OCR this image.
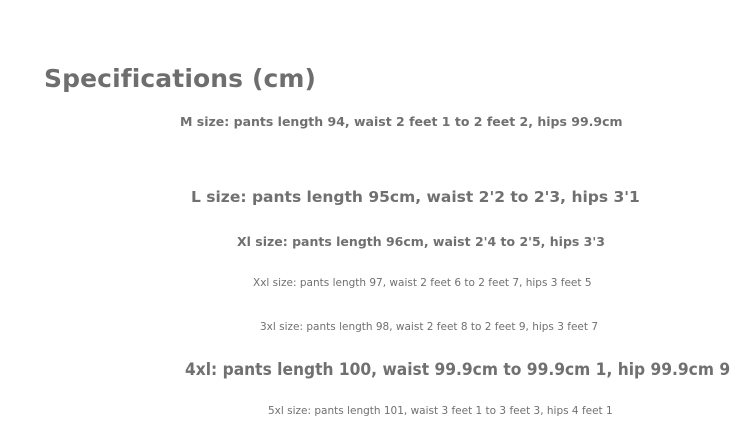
Specifications (cm)
M size: pants length 94, waist 2 feet 1 to 2 feet 2, hips 99.9cm
L size: pants length 95cm, waist 2'2 to 2'3, hips 3'1
Xl size: pants length 96cm, waist 2'4 to 2'5, hips 3'3
Xxl size: pants length 97, waist 2 feet 6 to 2 feet 7, hips 3 feet 5
3xl size: pants length 98, waist 2 feet 8 to 2 feet 9, hips 3 feet 7
4xl: pants length 100, waist 99.9cm to 99.9cm 1, hip 99.9cm 9
5xl size: pants length 101, waist 3 feet 1 to 3 feet 3, hips 4 feet 1
